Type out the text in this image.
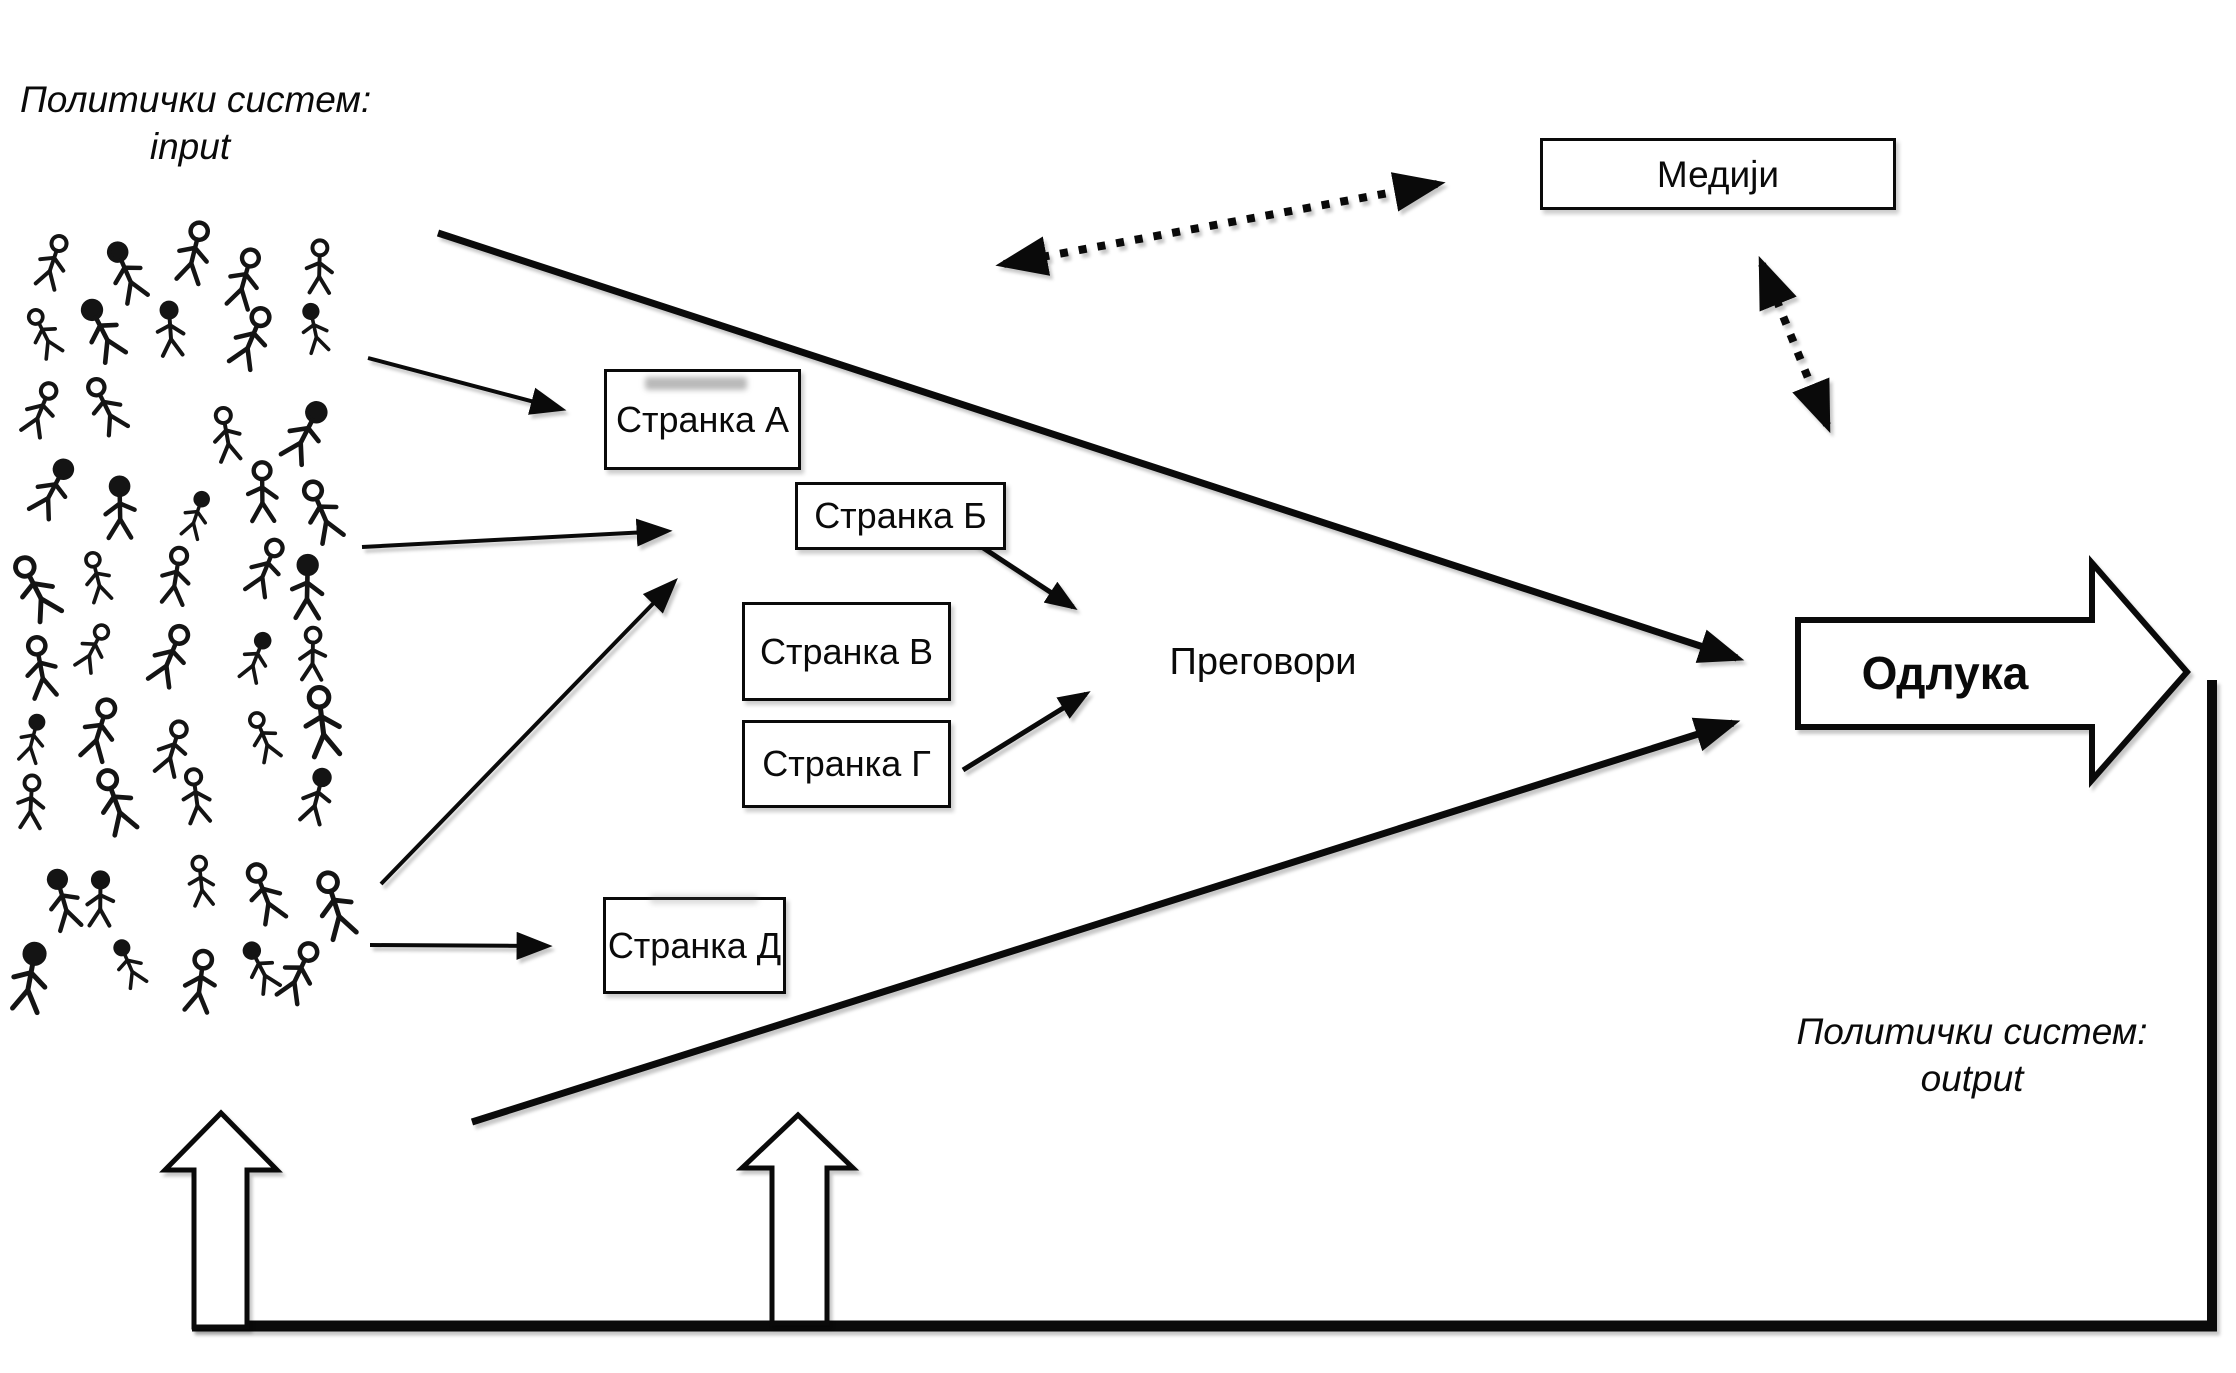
Политички систем:
input
Политички систем:
output
Медији
Странка А
Странка Б
Странка В
Странка Г
Странка Д
Преговори	Одлука
